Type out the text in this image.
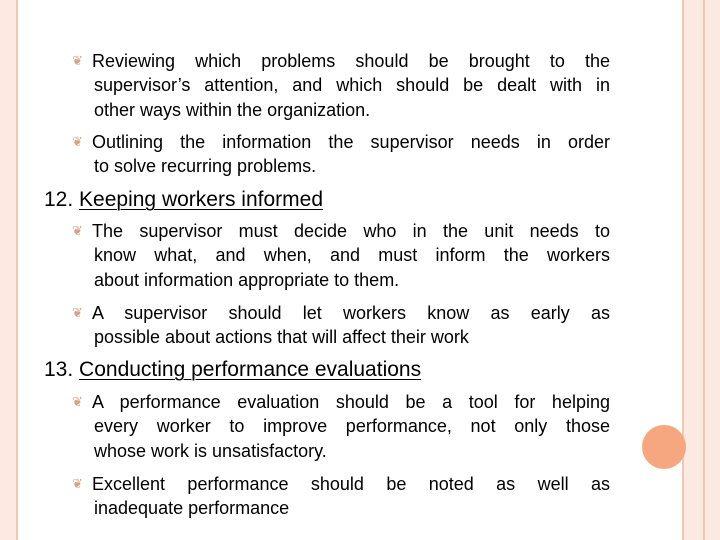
❦ Reviewing which problems should be brought to the
supervisor’s attention, and which should be dealt with in
other ways within the organization.
❦ Outlining the information the supervisor needs in order
to solve recurring problems.
12. Keeping workers informed
❦ The supervisor must decide who in the unit needs to
know what, and when, and must inform the workers
about information appropriate to them.
❦ A supervisor should let workers know as early as
possible about actions that will affect their work
13. Conducting performance evaluations
❦ A performance evaluation should be a tool for helping
every worker to improve performance, not only those
whose work is unsatisfactory.
❦ Excellent performance should be noted as well as
inadequate performance
